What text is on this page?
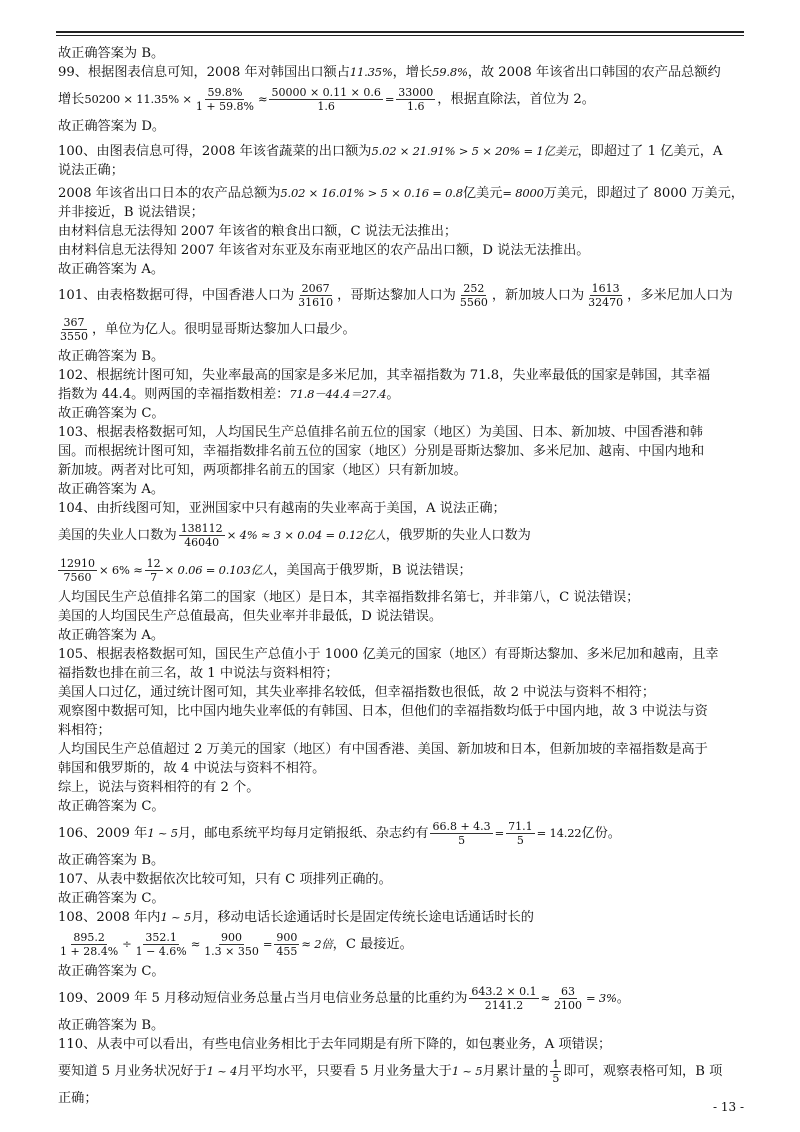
故正确答案为 B。
99、根据图表信息可知，2008 年对韩国出口额占11.35%，增长59.8%，故 2008 年该省出口韩国的农产品总额约
增长$50200 \times 11.35\% \times \frac{59.8\%}{1 + 59.8\%} \approx \frac{50000 \times 0.11 \times 0.6}{1.6} = \frac{33000}{1.6}$ ，根据直除法，首位为 2。
故正确答案为 D。
100、由图表信息可得，2008 年该省蔬菜的出口额为5.02 × 21.91% > 5 × 20% = 1亿美元，即超过了 1 亿美元，A
说法正确；
2008 年该省出口日本的农产品总额为5.02 × 16.01% > 5 × 0.16 = 0.8亿美元= 8000万美元，即超过了 8000 万美元，
并非接近，B 说法错误；
由材料信息无法得知 2007 年该省的粮食出口额，C 说法无法推出；
由材料信息无法得知 2007 年该省对东亚及东南亚地区的农产品出口额，D 说法无法推出。
故正确答案为 A。
101、由表格数据可得，中国香港人口为 $\frac{2067}{31610}$ ，哥斯达黎加人口为 $\frac{252}{5560}$ ，新加坡人口为 $\frac{1613}{32470}$ ，多米尼加人口为
$\frac{367}{3550}$ ，单位为亿人。很明显哥斯达黎加人口最少。
故正确答案为 B。
102、根据统计图可知，失业率最高的国家是多米尼加，其幸福指数为 71.8，失业率最低的国家是韩国，其幸福
指数为 44.4。则两国的幸福指数相差：71.8－44.4＝27.4。
故正确答案为 C。
103、根据表格数据可知，人均国民生产总值排名前五位的国家（地区）为美国、日本、新加坡、中国香港和韩
国。而根据统计图可知，幸福指数排名前五位的国家（地区）分别是哥斯达黎加、多米尼加、越南、中国内地和
新加坡。两者对比可知，两项都排名前五的国家（地区）只有新加坡。
故正确答案为 A。
104、由折线图可知，亚洲国家中只有越南的失业率高于美国，A 说法正确；
美国的失业人口数为 $\frac{138112}{46040} \times 4\% \approx 3 \times 0.04 = 0.12$亿人，俄罗斯的失业人口数为
$\frac{12910}{7560} \times 6\% \approx \frac{12}{7} \times 0.06 = 0.103$亿人，美国高于俄罗斯，B 说法错误；
人均国民生产总值排名第二的国家（地区）是日本，其幸福指数排名第七，并非第八，C 说法错误；
美国的人均国民生产总值最高，但失业率并非最低，D 说法错误。
故正确答案为 A。
105、根据表格数据可知，国民生产总值小于 1000 亿美元的国家（地区）有哥斯达黎加、多米尼加和越南，且幸
福指数也排在前三名，故 1 中说法与资料相符；
美国人口过亿，通过统计图可知，其失业率排名较低，但幸福指数也很低，故 2 中说法与资料不相符；
观察图中数据可知，比中国内地失业率低的有韩国、日本，但他们的幸福指数均低于中国内地，故 3 中说法与资
料相符；
人均国民生产总值超过 2 万美元的国家（地区）有中国香港、美国、新加坡和日本，但新加坡的幸福指数是高于
韩国和俄罗斯的，故 4 中说法与资料不相符。
综上，说法与资料相符的有 2 个。
故正确答案为 C。
106、2009 年1 ~ 5月，邮电系统平均每月定销报纸、杂志约有 $\frac{66.8 + 4.3}{5} = \frac{71.1}{5} = 14.22$亿份。
故正确答案为 B。
107、从表中数据依次比较可知，只有 C 项排列正确的。
故正确答案为 C。
108、2008 年内1 ~ 5月，移动电话长途通话时长是固定传统长途电话通话时长的
$\frac{895.2}{1 + 28.4\%} \div \frac{352.1}{1 - 4.6\%} \approx \frac{900}{1.3 \times 350} = \frac{900}{455} \approx 2$倍，C 最接近。
故正确答案为 C。
109、2009 年 5 月移动短信业务总量占当月电信业务总量的比重约为 $\frac{643.2 \times 0.1}{2141.2} \approx \frac{63}{2100} = 3\%$。
故正确答案为 B。
110、从表中可以看出，有些电信业务相比于去年同期是有所下降的，如包裹业务，A 项错误；
要知道 5 月业务状况好于1 ~ 4月平均水平，只要看 5 月业务量大于1 ~ 5月累计量的 $\frac{1}{5}$ 即可，观察表格可知，B 项
正确；
- 13 -
